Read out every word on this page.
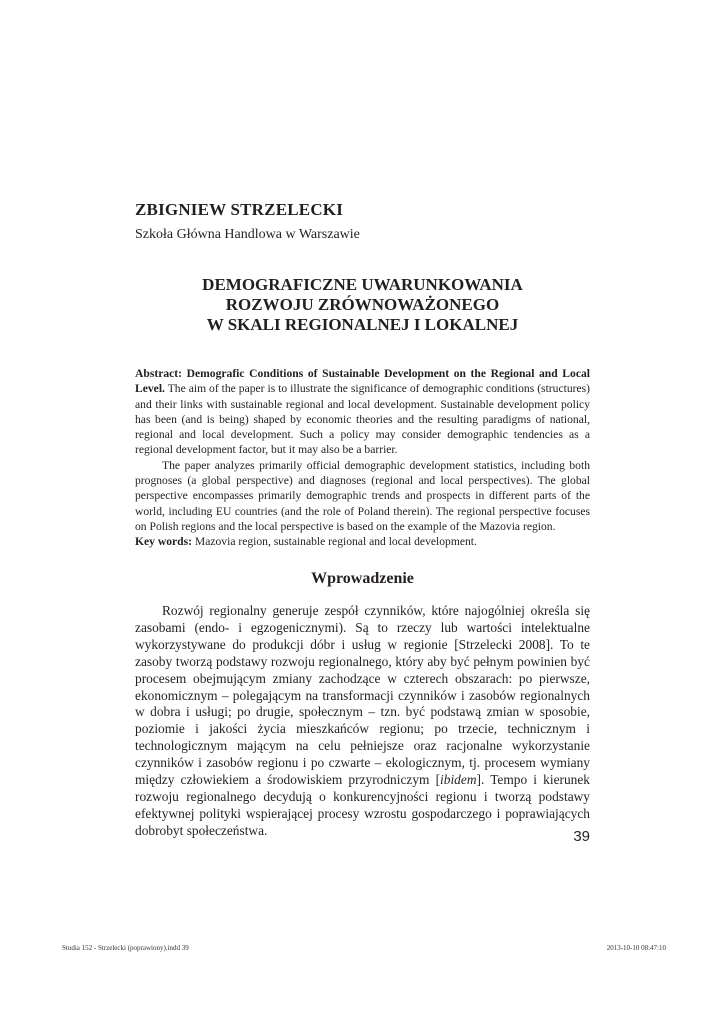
ZBIGNIEW STRZELECKI
Szkoła Główna Handlowa w Warszawie
DEMOGRAFICZNE UWARUNKOWANIA
ROZWOJU ZRÓWNOWAŻONEGO
W SKALI REGIONALNEJ I LOKALNEJ

Abstract: Demografic Conditions of Sustainable Development on the Regional and Local Level. The aim of the paper is to illustrate the significance of demographic conditions (structures) and their links with sustainable regional and local development. Sustainable development policy has been (and is being) shaped by economic theories and the resulting paradigms of national, regional and local development. Such a policy may consider demographic tendencies as a regional development factor, but it may also be a barrier.

The paper analyzes primarily official demographic development statistics, including both prognoses (a global perspective) and diagnoses (regional and local perspectives). The global perspective encompasses primarily demographic trends and prospects in different parts of the world, including EU countries (and the role of Poland therein). The regional perspective focuses on Polish regions and the local perspective is based on the example of the Mazovia region.

Key words: Mazovia region, sustainable regional and local development.

Wprowadzenie

Rozwój regionalny generuje zespół czynników, które najogólniej określa się zasobami (endo- i egzogenicznymi). Są to rzeczy lub wartości intelektualne wykorzystywane do produkcji dóbr i usług w regionie [Strzelecki 2008]. To te zasoby tworzą podstawy rozwoju regionalnego, który aby być pełnym powinien być procesem obejmującym zmiany zachodzące w czterech obszarach: po pierwsze, ekonomicznym – polegającym na transformacji czynników i zasobów regionalnych w dobra i usługi; po drugie, społecznym – tzn. być podstawą zmian w sposobie, poziomie i jakości życia mieszkańców regionu; po trzecie, technicznym i technologicznym mającym na celu pełniejsze oraz racjonalne wykorzystanie czynników i zasobów regionu i po czwarte – ekologicznym, tj. procesem wymiany między człowiekiem a środowiskiem przyrodniczym [ibidem]. Tempo i kierunek rozwoju regionalnego decydują o konkurencyjności regionu i tworzą podstawy efektywnej polityki wspierającej procesy wzrostu gospodarczego i poprawiających dobrobyt społeczeństwa.	39
Studia 152 - Strzelecki (poprawiony).indd 39	2013-10-10 08:47:10
